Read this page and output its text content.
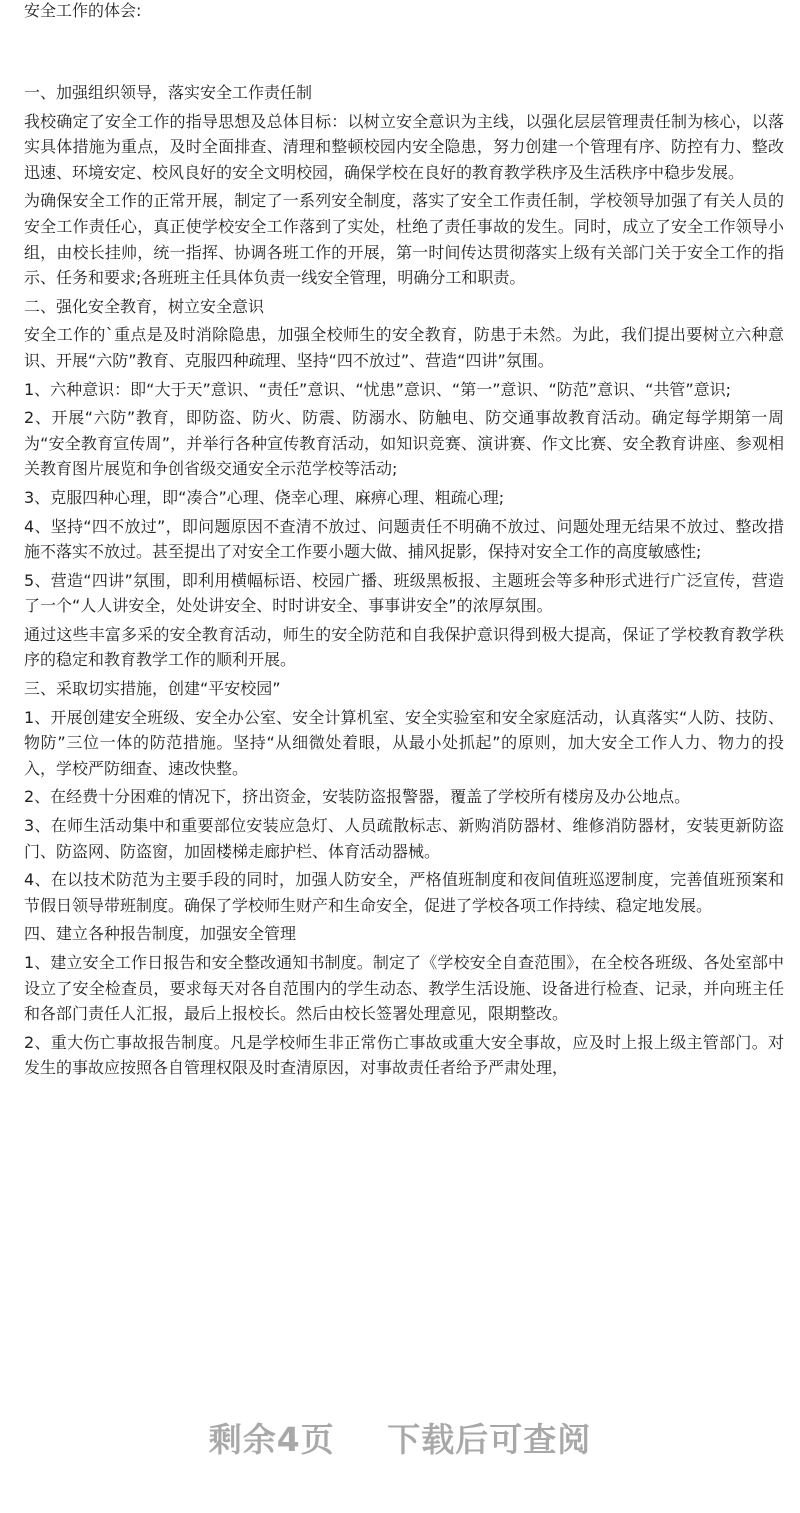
安全工作的体会:

一、加强组织领导，落实安全工作责任制

我校确定了安全工作的指导思想及总体目标：以树立安全意识为主线，以强化层层管理责任制为核心，以落实具体措施为重点，及时全面排查、清理和整顿校园内安全隐患，努力创建一个管理有序、防控有力、整改迅速、环境安定、校风良好的安全文明校园，确保学校在良好的教育教学秩序及生活秩序中稳步发展。

为确保安全工作的正常开展，制定了一系列安全制度，落实了安全工作责任制，学校领导加强了有关人员的安全工作责任心，真正使学校安全工作落到了实处，杜绝了责任事故的发生。同时，成立了安全工作领导小组，由校长挂帅，统一指挥、协调各班工作的开展，第一时间传达贯彻落实上级有关部门关于安全工作的指示、任务和要求;各班班主任具体负责一线安全管理，明确分工和职责。

二、强化安全教育，树立安全意识

安全工作的`重点是及时消除隐患，加强全校师生的安全教育，防患于未然。为此，我们提出要树立六种意识、开展“六防”教育、克服四种疏理、坚持“四不放过”、营造“四讲”氛围。

1、六种意识：即“大于天”意识、“责任”意识、“忧患”意识、“第一”意识、“防范”意识、“共管”意识;

2、开展“六防”教育，即防盗、防火、防震、防溺水、防触电、防交通事故教育活动。确定每学期第一周为“安全教育宣传周”，并举行各种宣传教育活动，如知识竞赛、演讲赛、作文比赛、安全教育讲座、参观相关教育图片展览和争创省级交通安全示范学校等活动;

3、克服四种心理，即“凑合”心理、侥幸心理、麻痹心理、粗疏心理;

4、坚持“四不放过”，即问题原因不查清不放过、问题责任不明确不放过、问题处理无结果不放过、整改措施不落实不放过。甚至提出了对安全工作要小题大做、捕风捉影，保持对安全工作的高度敏感性;

5、营造“四讲”氛围，即利用横幅标语、校园广播、班级黑板报、主题班会等多种形式进行广泛宣传，营造了一个“人人讲安全，处处讲安全、时时讲安全、事事讲安全”的浓厚氛围。

通过这些丰富多采的安全教育活动，师生的安全防范和自我保护意识得到极大提高，保证了学校教育教学秩序的稳定和教育教学工作的顺利开展。

三、采取切实措施，创建“平安校园”

1、开展创建安全班级、安全办公室、安全计算机室、安全实验室和安全家庭活动，认真落实“人防、技防、物防”三位一体的防范措施。坚持“从细微处着眼，从最小处抓起”的原则，加大安全工作人力、物力的投入，学校严防细查、速改快整。

2、在经费十分困难的情况下，挤出资金，安装防盗报警器，覆盖了学校所有楼房及办公地点。

3、在师生活动集中和重要部位安装应急灯、人员疏散标志、新购消防器材、维修消防器材，安装更新防盗门、防盗网、防盗窗，加固楼梯走廊护栏、体育活动器械。

4、在以技术防范为主要手段的同时，加强人防安全，严格值班制度和夜间值班巡逻制度，完善值班预案和节假日领导带班制度。确保了学校师生财产和生命安全，促进了学校各项工作持续、稳定地发展。

四、建立各种报告制度，加强安全管理

1、建立安全工作日报告和安全整改通知书制度。制定了《学校安全自查范围》，在全校各班级、各处室部中设立了安全检查员，要求每天对各自范围内的学生动态、教学生活设施、设备进行检查、记录，并向班主任和各部门责任人汇报，最后上报校长。然后由校长签署处理意见，限期整改。

2、重大伤亡事故报告制度。凡是学校师生非正常伤亡事故或重大安全事故，应及时上报上级主管部门。对发生的事故应按照各自管理权限及时查清原因，对事故责任者给予严肃处理，

剩余4页 下载后可查阅
